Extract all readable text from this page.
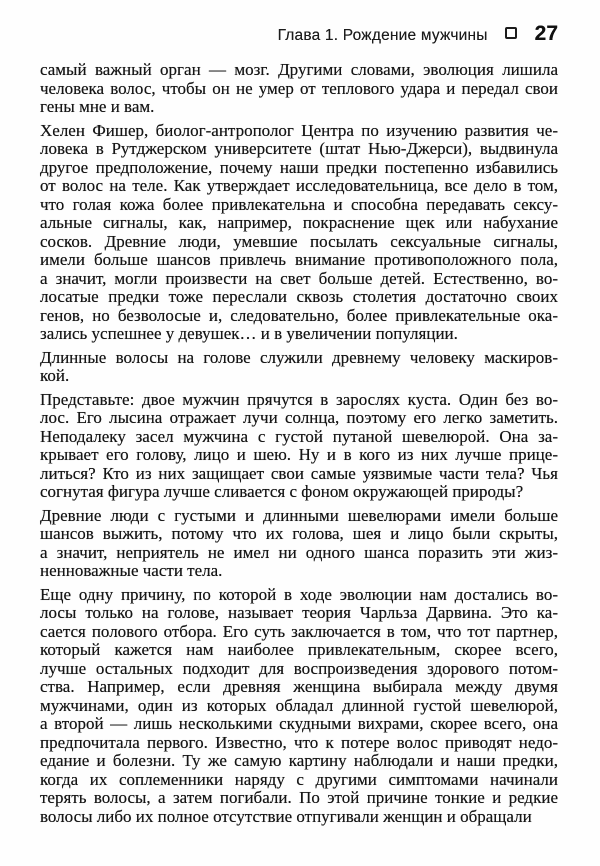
Глава 1. Рождение мужчины 27

самый важный орган — мозг. Другими словами, эволюция лишила
человека волос, чтобы он не умер от теплового удара и передал свои
гены мне и вам.

Хелен Фишер, биолог-антрополог Центра по изучению развития че-
ловека в Рутджерском университете (штат Нью-Джерси), выдвинула
другое предположение, почему наши предки постепенно избавились
от волос на теле. Как утверждает исследовательница, все дело в том,
что голая кожа более привлекательна и способна передавать сексу-
альные сигналы, как, например, покраснение щек или набухание
сосков. Древние люди, умевшие посылать сексуальные сигналы,
имели больше шансов привлечь внимание противоположного пола,
а значит, могли произвести на свет больше детей. Естественно, во-
лосатые предки тоже переслали сквозь столетия достаточно своих
генов, но безволосые и, следовательно, более привлекательные ока-
зались успешнее у девушек… и в увеличении популяции.

Длинные волосы на голове служили древнему человеку маскиров-
кой.

Представьте: двое мужчин прячутся в зарослях куста. Один без во-
лос. Его лысина отражает лучи солнца, поэтому его легко заметить.
Неподалеку засел мужчина с густой путаной шевелюрой. Она за-
крывает его голову, лицо и шею. Ну и в кого из них лучше прице-
литься? Кто из них защищает свои самые уязвимые части тела? Чья
согнутая фигура лучше сливается с фоном окружающей природы?

Древние люди с густыми и длинными шевелюрами имели больше
шансов выжить, потому что их голова, шея и лицо были скрыты,
а значит, неприятель не имел ни одного шанса поразить эти жиз-
ненноважные части тела.

Еще одну причину, по которой в ходе эволюции нам достались во-
лосы только на голове, называет теория Чарльза Дарвина. Это ка-
сается полового отбора. Его суть заключается в том, что тот партнер,
который кажется нам наиболее привлекательным, скорее всего,
лучше остальных подходит для воспроизведения здорового потом-
ства. Например, если древняя женщина выбирала между двумя
мужчинами, один из которых обладал длинной густой шевелюрой,
а второй — лишь несколькими скудными вихрами, скорее всего, она
предпочитала первого. Известно, что к потере волос приводят недо-
едание и болезни. Ту же самую картину наблюдали и наши предки,
когда их соплеменники наряду с другими симптомами начинали
терять волосы, а затем погибали. По этой причине тонкие и редкие
волосы либо их полное отсутствие отпугивали женщин и обращали
